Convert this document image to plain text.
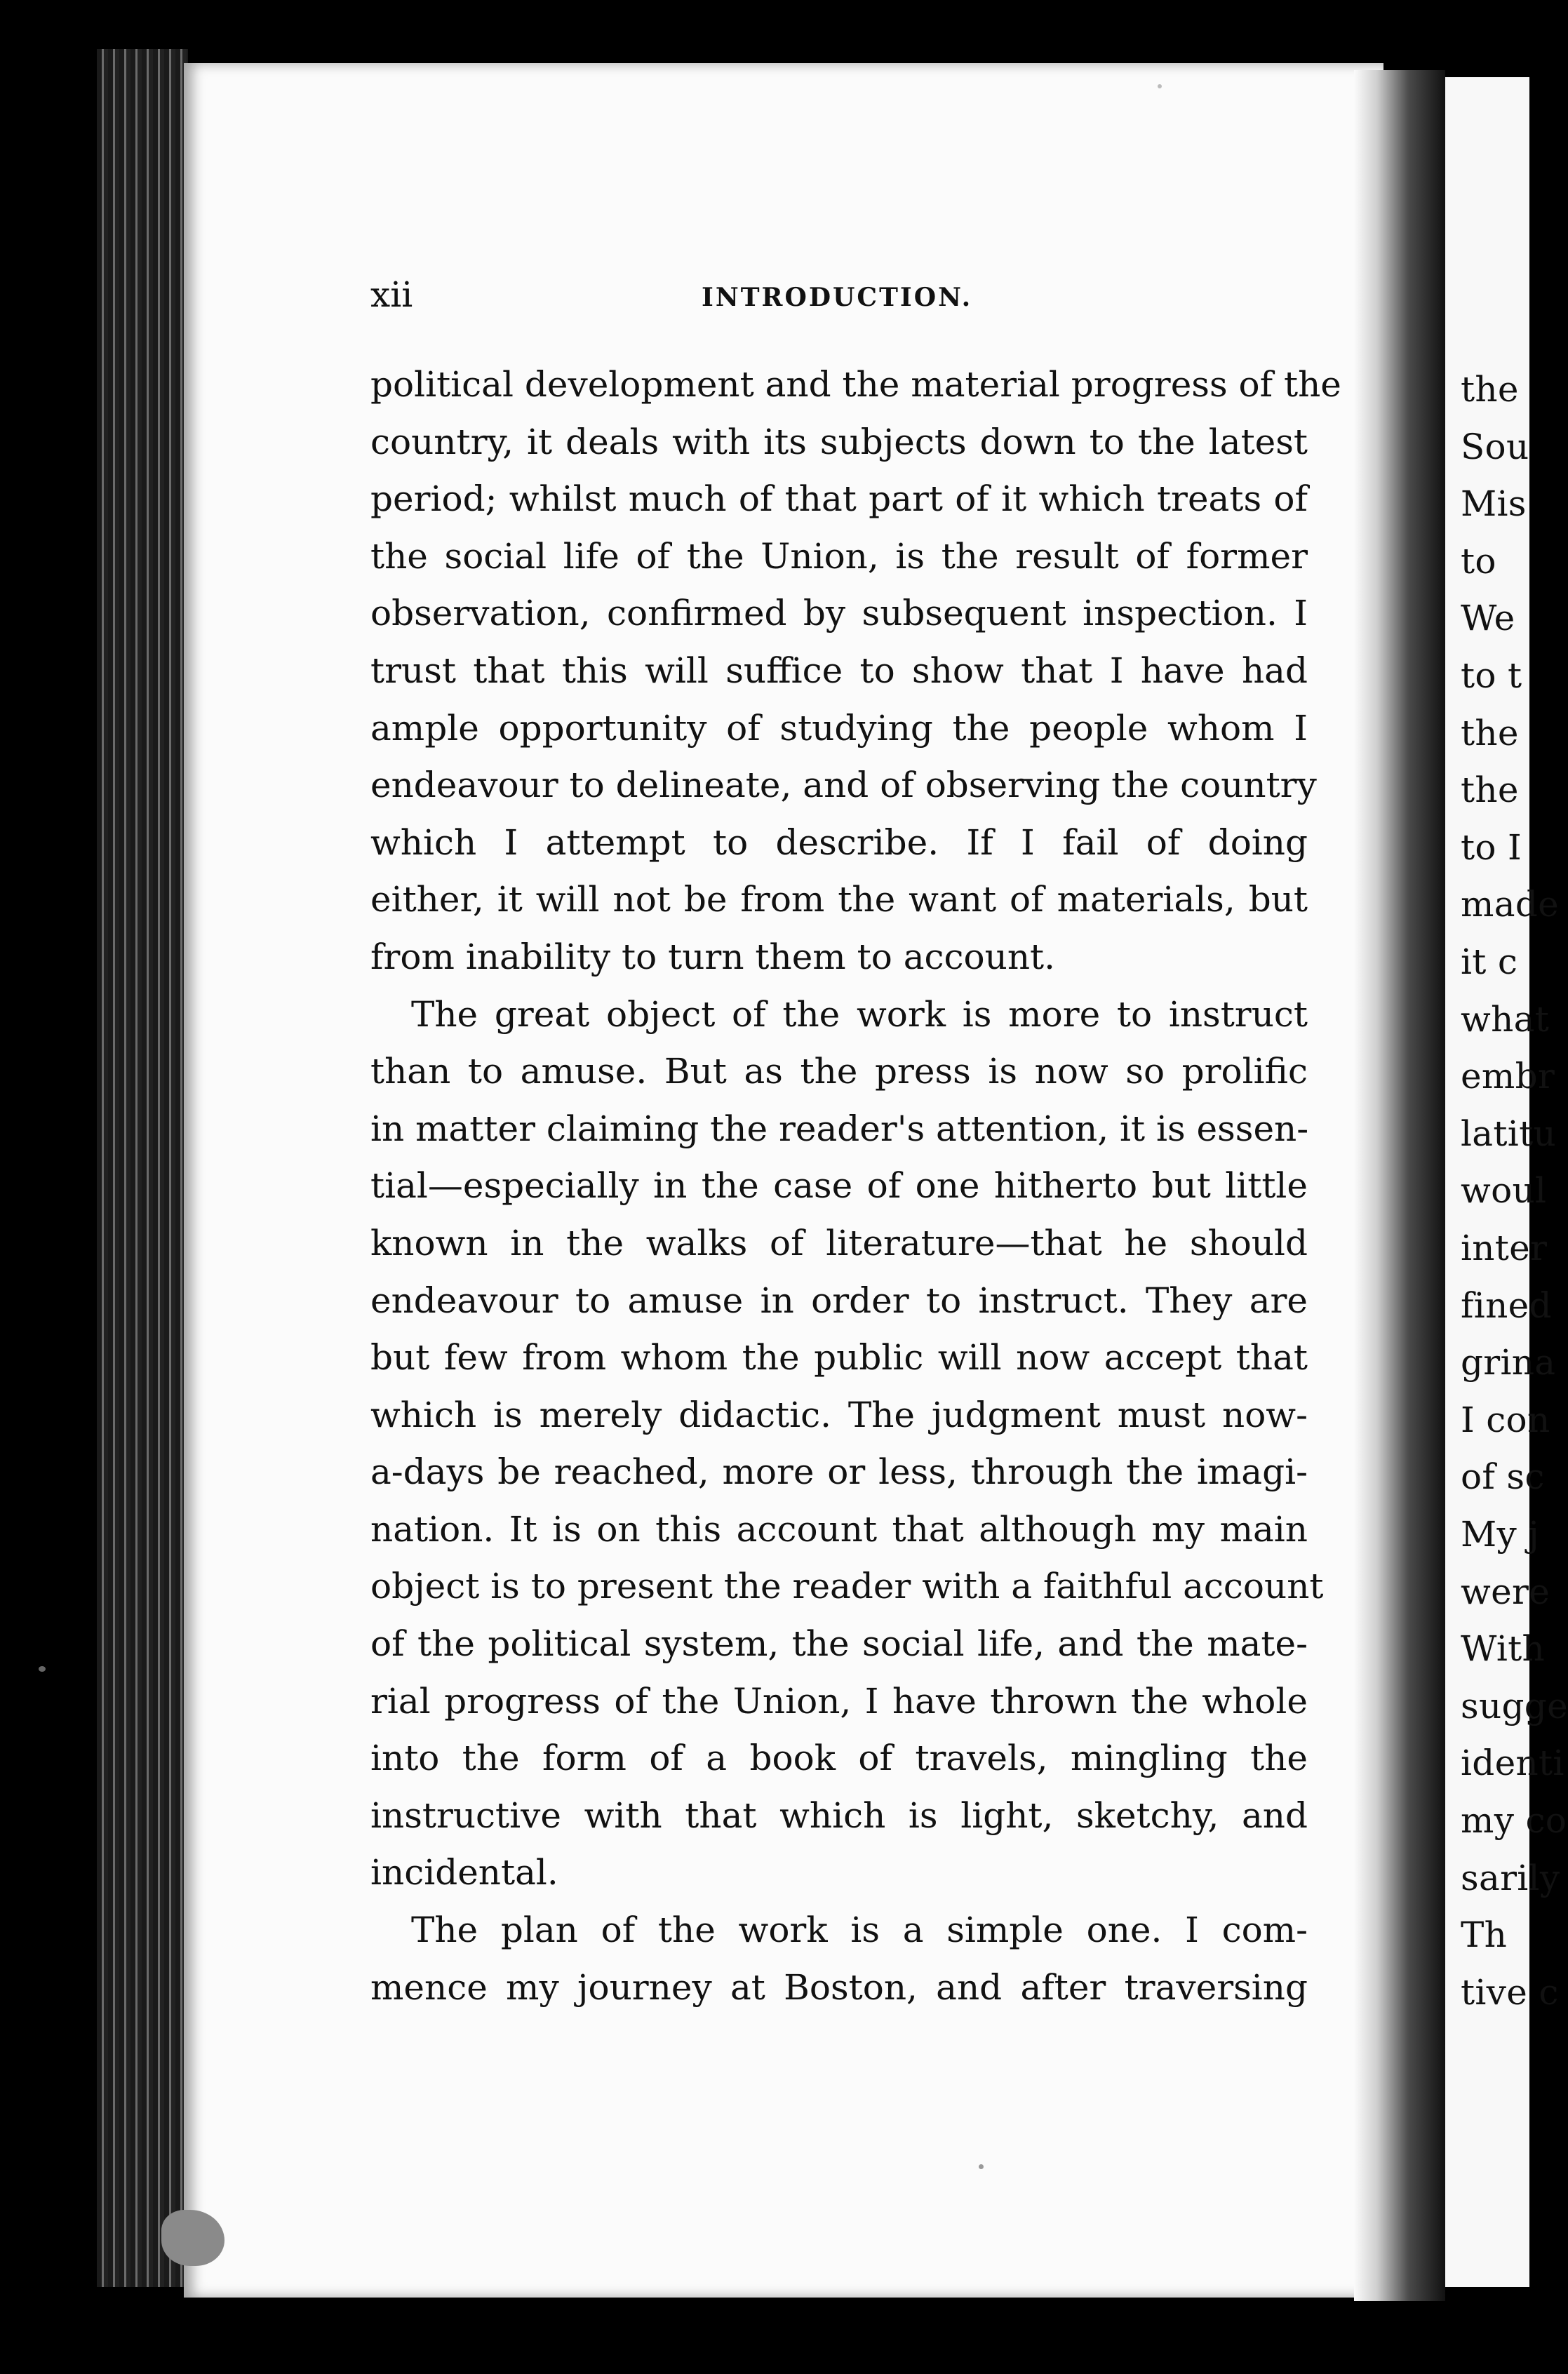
the
Sou
Mis
to
We
to t
the
the
to I
made
it c
what
embr
latitu
woul
inter
fined
grina
I con
of sc
My j
were
With
sugge
identi
my co
sarily
Th
tive c
xii	INTRODUCTION.
political development and the material progress of the
country, it deals with its subjects down to the latest
period; whilst much of that part of it which treats of
the social life of the Union, is the result of former
observation, confirmed by subsequent inspection. I
trust that this will suffice to show that I have had
ample opportunity of studying the people whom I
endeavour to delineate, and of observing the country
which I attempt to describe. If I fail of doing
either, it will not be from the want of materials, but
from inability to turn them to account.
The great object of the work is more to instruct
than to amuse. But as the press is now so prolific
in matter claiming the reader's attention, it is essen-
tial—especially in the case of one hitherto but little
known in the walks of literature—that he should
endeavour to amuse in order to instruct. They are
but few from whom the public will now accept that
which is merely didactic. The judgment must now-
a-days be reached, more or less, through the imagi-
nation. It is on this account that although my main
object is to present the reader with a faithful account
of the political system, the social life, and the mate-
rial progress of the Union, I have thrown the whole
into the form of a book of travels, mingling the
instructive with that which is light, sketchy, and
incidental.
The plan of the work is a simple one. I com-
mence my journey at Boston, and after traversing
